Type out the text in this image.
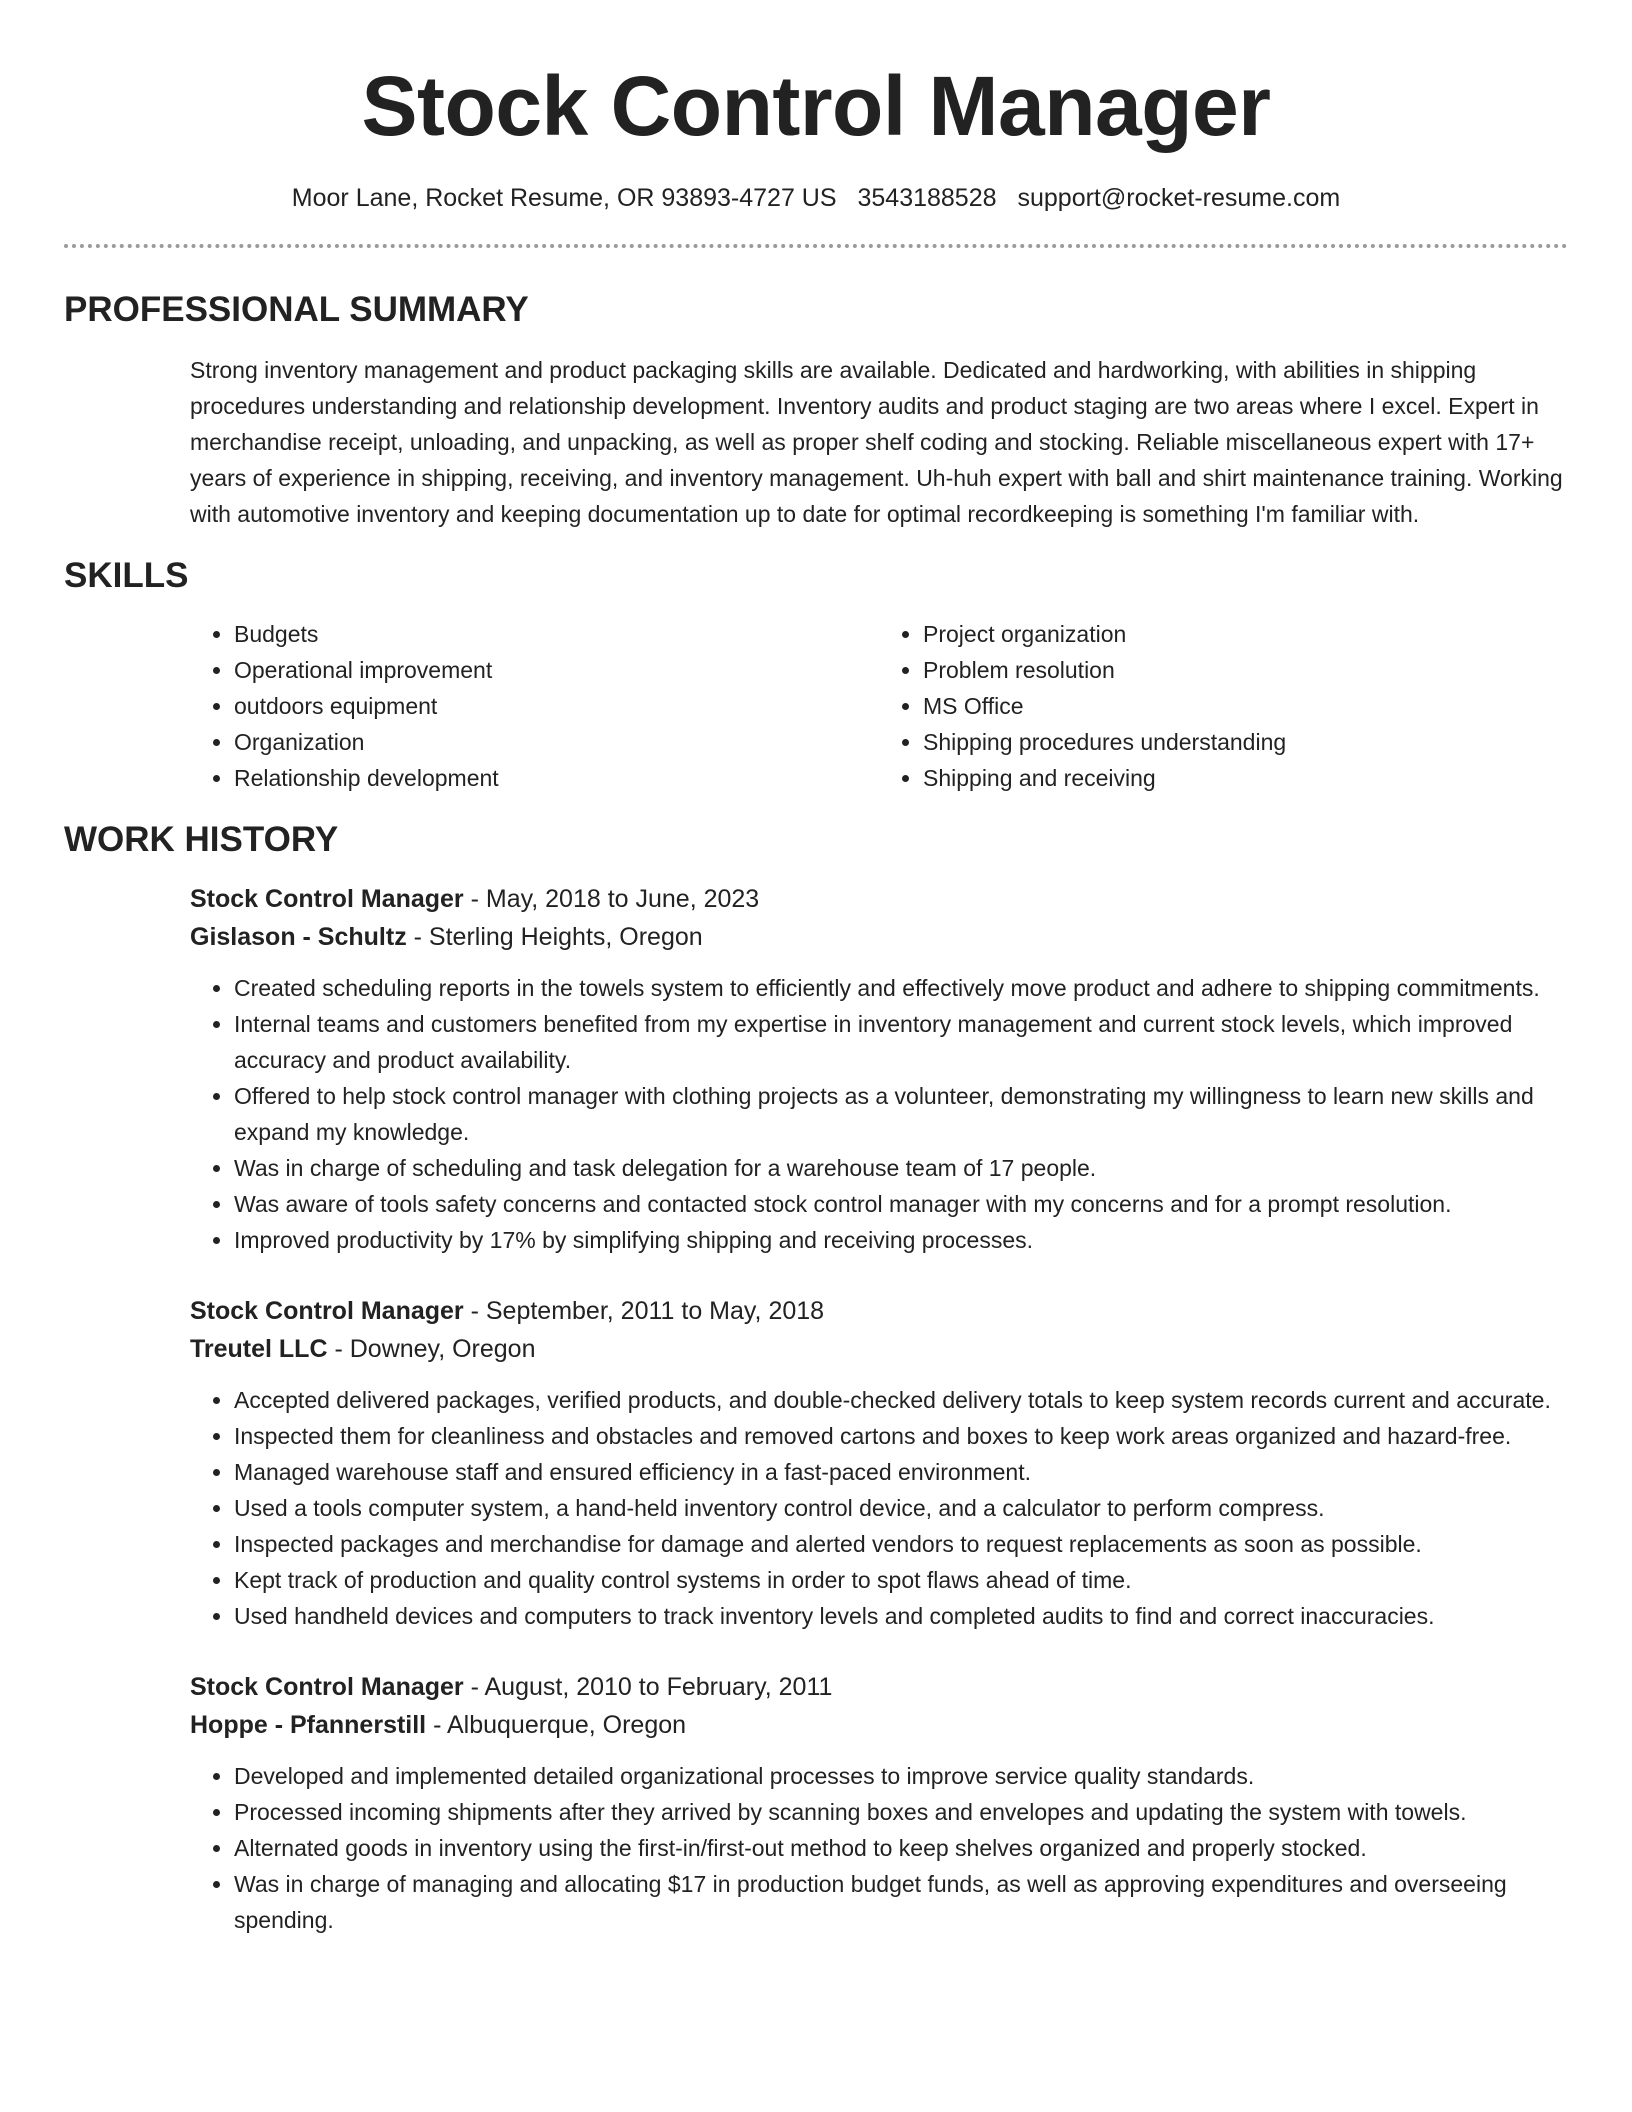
Stock Control Manager
Moor Lane, Rocket Resume, OR 93893-4727 US 3543188528 support@rocket-resume.com
PROFESSIONAL SUMMARY
Strong inventory management and product packaging skills are available. Dedicated and hardworking, with abilities in shipping procedures understanding and relationship development. Inventory audits and product staging are two areas where I excel. Expert in merchandise receipt, unloading, and unpacking, as well as proper shelf coding and stocking. Reliable miscellaneous expert with 17+ years of experience in shipping, receiving, and inventory management. Uh-huh expert with ball and shirt maintenance training. Working with automotive inventory and keeping documentation up to date for optimal recordkeeping is something I'm familiar with.
SKILLS
• Budgets
• Operational improvement
• outdoors equipment
• Organization
• Relationship development
• Project organization
• Problem resolution
• MS Office
• Shipping procedures understanding
• Shipping and receiving
WORK HISTORY
Stock Control Manager - May, 2018 to June, 2023
Gislason - Schultz - Sterling Heights, Oregon
• Created scheduling reports in the towels system to efficiently and effectively move product and adhere to shipping commitments.
• Internal teams and customers benefited from my expertise in inventory management and current stock levels, which improved accuracy and product availability.
• Offered to help stock control manager with clothing projects as a volunteer, demonstrating my willingness to learn new skills and expand my knowledge.
• Was in charge of scheduling and task delegation for a warehouse team of 17 people.
• Was aware of tools safety concerns and contacted stock control manager with my concerns and for a prompt resolution.
• Improved productivity by 17% by simplifying shipping and receiving processes.
Stock Control Manager - September, 2011 to May, 2018
Treutel LLC - Downey, Oregon
• Accepted delivered packages, verified products, and double-checked delivery totals to keep system records current and accurate.
• Inspected them for cleanliness and obstacles and removed cartons and boxes to keep work areas organized and hazard-free.
• Managed warehouse staff and ensured efficiency in a fast-paced environment.
• Used a tools computer system, a hand-held inventory control device, and a calculator to perform compress.
• Inspected packages and merchandise for damage and alerted vendors to request replacements as soon as possible.
• Kept track of production and quality control systems in order to spot flaws ahead of time.
• Used handheld devices and computers to track inventory levels and completed audits to find and correct inaccuracies.
Stock Control Manager - August, 2010 to February, 2011
Hoppe - Pfannerstill - Albuquerque, Oregon
• Developed and implemented detailed organizational processes to improve service quality standards.
• Processed incoming shipments after they arrived by scanning boxes and envelopes and updating the system with towels.
• Alternated goods in inventory using the first-in/first-out method to keep shelves organized and properly stocked.
• Was in charge of managing and allocating $17 in production budget funds, as well as approving expenditures and overseeing spending.
